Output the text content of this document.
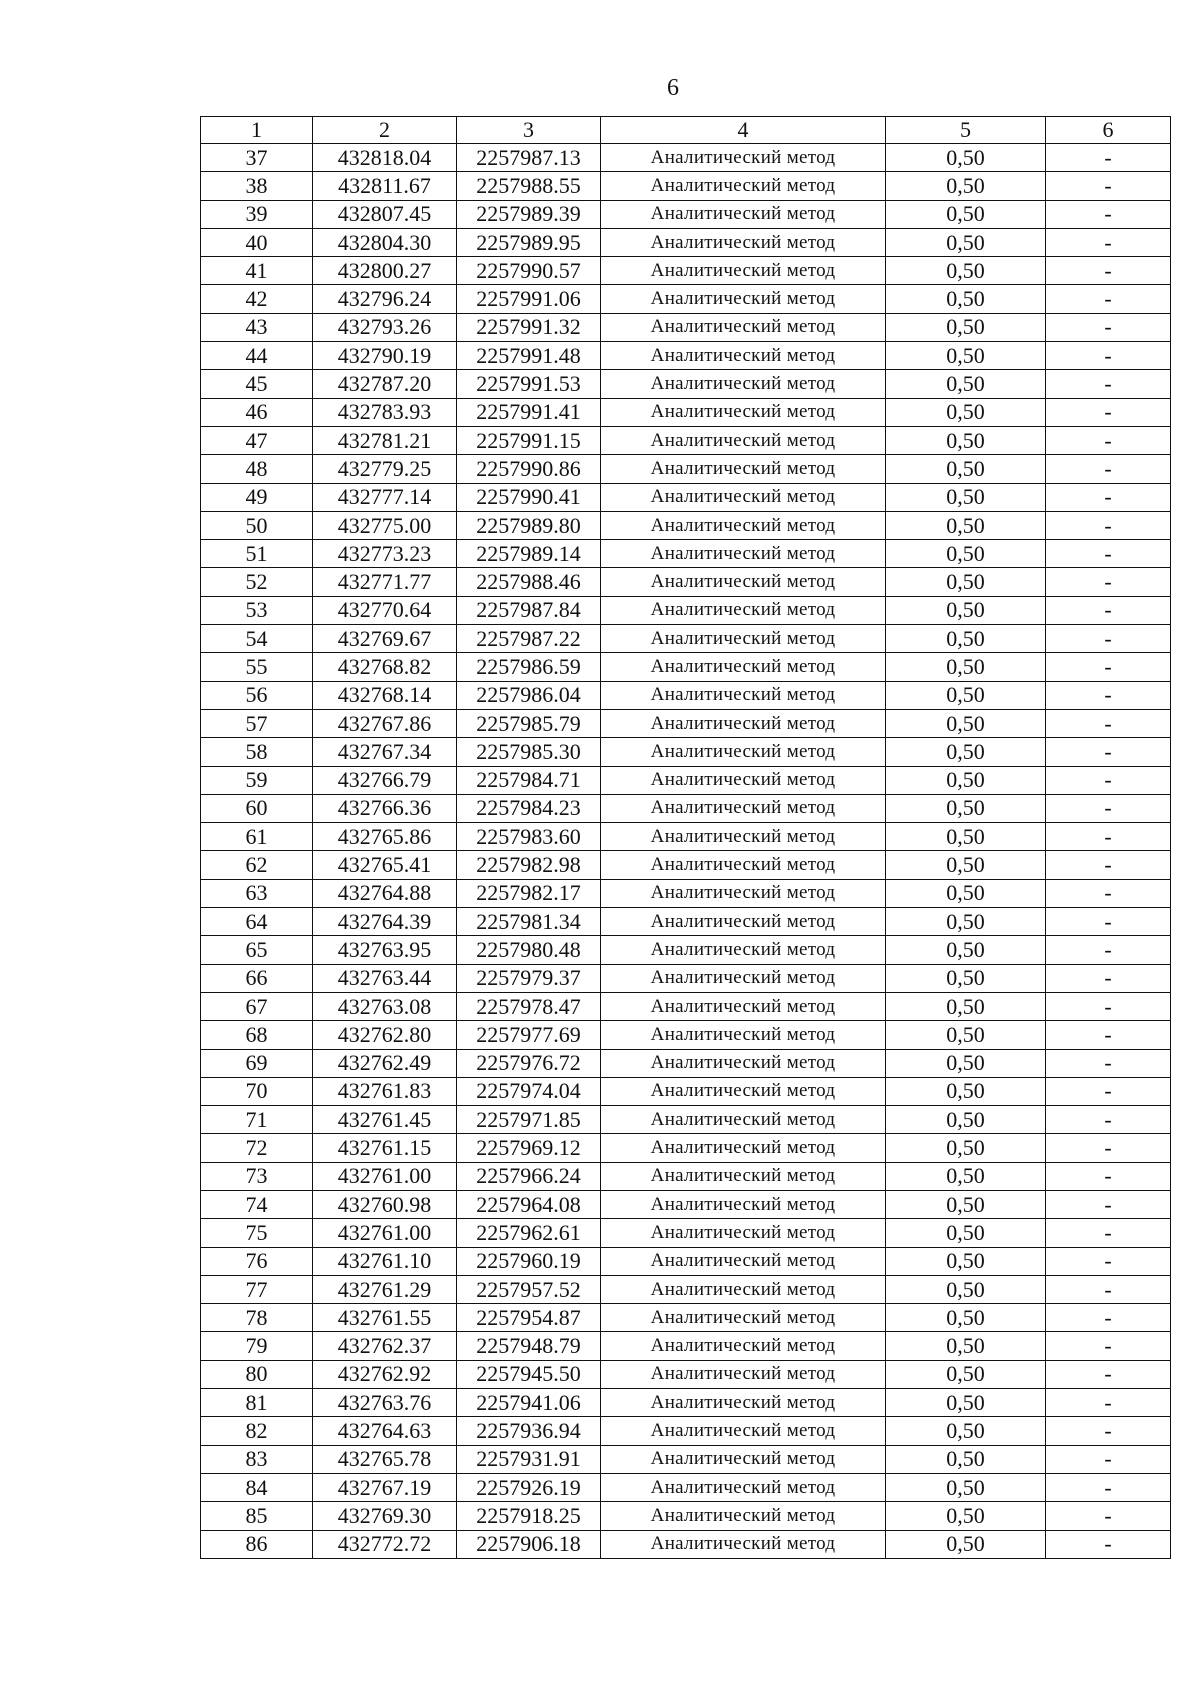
6
1	2	3	4	5	6
37	432818.04	2257987.13	Аналитический метод	0,50	-
38	432811.67	2257988.55	Аналитический метод	0,50	-
39	432807.45	2257989.39	Аналитический метод	0,50	-
40	432804.30	2257989.95	Аналитический метод	0,50	-
41	432800.27	2257990.57	Аналитический метод	0,50	-
42	432796.24	2257991.06	Аналитический метод	0,50	-
43	432793.26	2257991.32	Аналитический метод	0,50	-
44	432790.19	2257991.48	Аналитический метод	0,50	-
45	432787.20	2257991.53	Аналитический метод	0,50	-
46	432783.93	2257991.41	Аналитический метод	0,50	-
47	432781.21	2257991.15	Аналитический метод	0,50	-
48	432779.25	2257990.86	Аналитический метод	0,50	-
49	432777.14	2257990.41	Аналитический метод	0,50	-
50	432775.00	2257989.80	Аналитический метод	0,50	-
51	432773.23	2257989.14	Аналитический метод	0,50	-
52	432771.77	2257988.46	Аналитический метод	0,50	-
53	432770.64	2257987.84	Аналитический метод	0,50	-
54	432769.67	2257987.22	Аналитический метод	0,50	-
55	432768.82	2257986.59	Аналитический метод	0,50	-
56	432768.14	2257986.04	Аналитический метод	0,50	-
57	432767.86	2257985.79	Аналитический метод	0,50	-
58	432767.34	2257985.30	Аналитический метод	0,50	-
59	432766.79	2257984.71	Аналитический метод	0,50	-
60	432766.36	2257984.23	Аналитический метод	0,50	-
61	432765.86	2257983.60	Аналитический метод	0,50	-
62	432765.41	2257982.98	Аналитический метод	0,50	-
63	432764.88	2257982.17	Аналитический метод	0,50	-
64	432764.39	2257981.34	Аналитический метод	0,50	-
65	432763.95	2257980.48	Аналитический метод	0,50	-
66	432763.44	2257979.37	Аналитический метод	0,50	-
67	432763.08	2257978.47	Аналитический метод	0,50	-
68	432762.80	2257977.69	Аналитический метод	0,50	-
69	432762.49	2257976.72	Аналитический метод	0,50	-
70	432761.83	2257974.04	Аналитический метод	0,50	-
71	432761.45	2257971.85	Аналитический метод	0,50	-
72	432761.15	2257969.12	Аналитический метод	0,50	-
73	432761.00	2257966.24	Аналитический метод	0,50	-
74	432760.98	2257964.08	Аналитический метод	0,50	-
75	432761.00	2257962.61	Аналитический метод	0,50	-
76	432761.10	2257960.19	Аналитический метод	0,50	-
77	432761.29	2257957.52	Аналитический метод	0,50	-
78	432761.55	2257954.87	Аналитический метод	0,50	-
79	432762.37	2257948.79	Аналитический метод	0,50	-
80	432762.92	2257945.50	Аналитический метод	0,50	-
81	432763.76	2257941.06	Аналитический метод	0,50	-
82	432764.63	2257936.94	Аналитический метод	0,50	-
83	432765.78	2257931.91	Аналитический метод	0,50	-
84	432767.19	2257926.19	Аналитический метод	0,50	-
85	432769.30	2257918.25	Аналитический метод	0,50	-
86	432772.72	2257906.18	Аналитический метод	0,50	-
